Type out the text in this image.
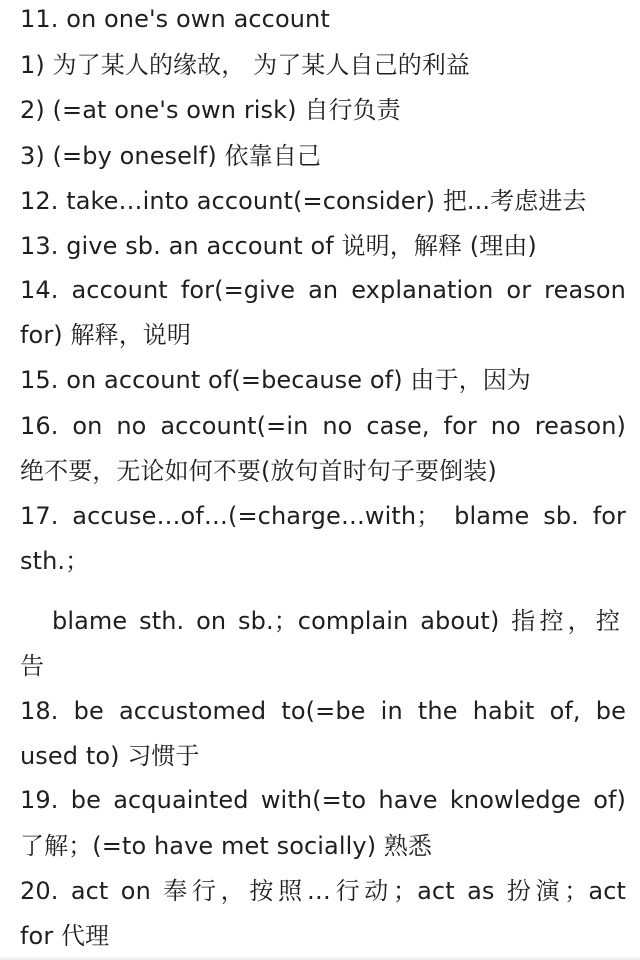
11. on one's own account
1) 为了某人的缘故， 为了某人自己的利益
2) (=at one's own risk) 自行负责
3) (=by oneself) 依靠自己
12. take…into account(=consider) 把...考虑进去
13. give sb. an account of 说明，解释 (理由)
14. account for(=give an explanation or reason
for) 解释，说明
15. on account of(=because of) 由于，因为
16. on no account(=in no case, for no reason)
绝不要，无论如何不要(放句首时句子要倒装)
17. accuse…of…(=charge…with； blame sb. for
sth.；
blame sth. on sb.；complain about) 指控，控
告
18. be accustomed to(=be in the habit of, be
used to) 习惯于
19. be acquainted with(=to have knowledge of)
了解；(=to have met socially) 熟悉
20. act on 奉行，按照…行动；act as 扮演；act
for 代理
